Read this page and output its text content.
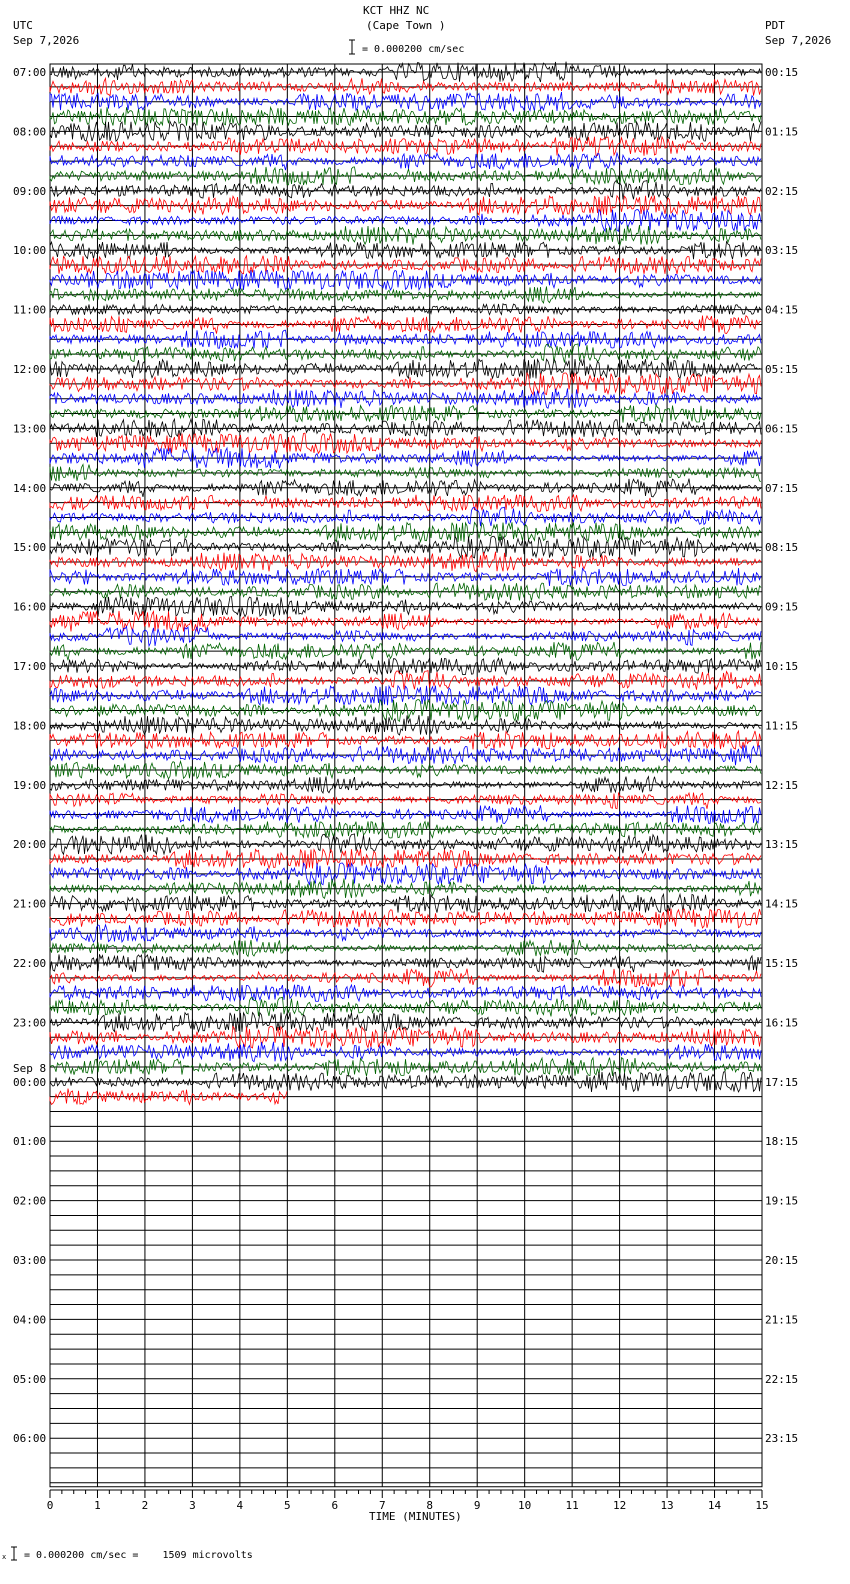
KCT HHZ NC
(Cape Town )
UTC
Sep 7,2026
PDT
Sep 7,2026
= 0.000200 cm/sec
= 0.000200 cm/sec =    1509 microvolts
TIME (MINUTES)
x
07:00
08:00
09:00
10:00
11:00
12:00
13:00
14:00
15:00
16:00
17:00
18:00
19:00
20:00
21:00
22:00
23:00
00:00
Sep 8
01:00
02:00
03:00
04:00
05:00
06:00
00:15
01:15
02:15
03:15
04:15
05:15
06:15
07:15
08:15
09:15
10:15
11:15
12:15
13:15
14:15
15:15
16:15
17:15
18:15
19:15
20:15
21:15
22:15
23:15
0	1	2	3	4	5	6	7	8	9	10	11	12	13	14	15
